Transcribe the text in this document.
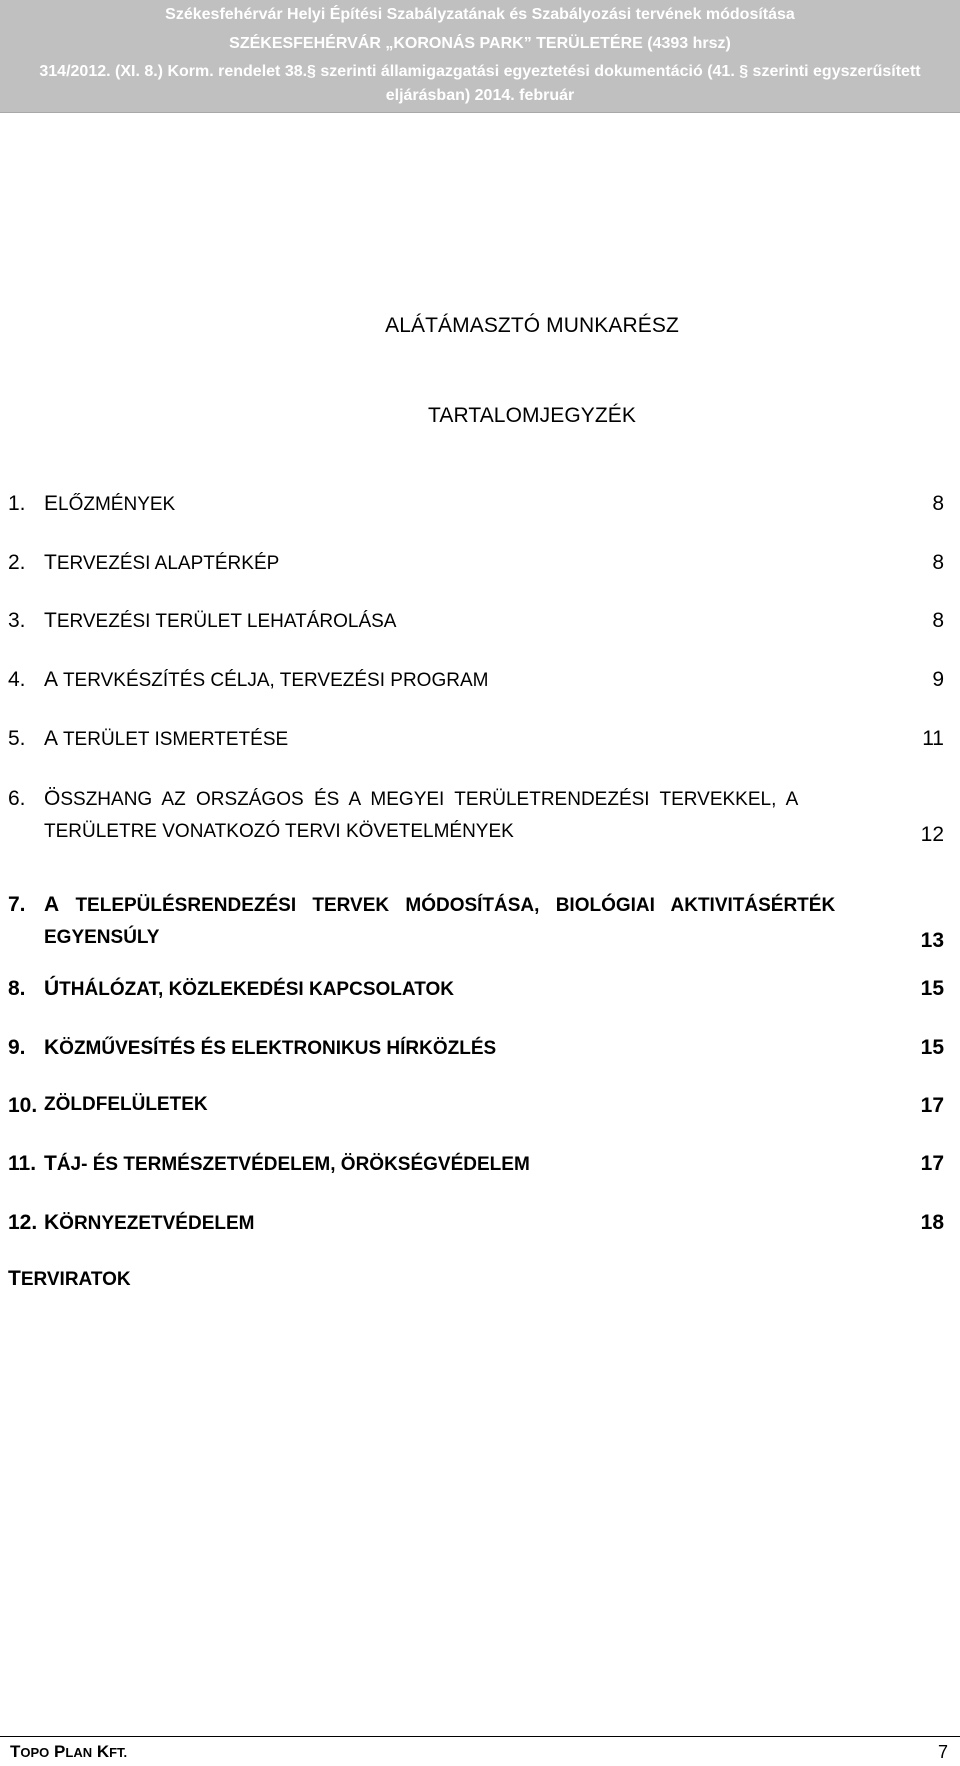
Székesfehérvár Helyi Építési Szabályzatának és Szabályozási tervének módosítása
SZÉKESFEHÉRVÁR „KORONÁS PARK” TERÜLETÉRE (4393 hrsz)
314/2012. (XI. 8.) Korm. rendelet 38.§ szerinti államigazgatási egyeztetési dokumentáció (41. § szerinti egyszerűsített
eljárásban) 2014. február
ALÁTÁMASZTÓ MUNKARÉSZ
TARTALOMJEGYZÉK
1. ELŐZMÉNYEK	8
2. TERVEZÉSI ALAPTÉRKÉP	8
3. TERVEZÉSI TERÜLET LEHATÁROLÁSA	8
4. A TERVKÉSZÍTÉS CÉLJA, TERVEZÉSI PROGRAM	9
5. A TERÜLET ISMERTETÉSE	11
6. ÖSSZHANG AZ ORSZÁGOS ÉS A MEGYEI TERÜLETRENDEZÉSI TERVEKKEL, A
TERÜLETRE VONATKOZÓ TERVI KÖVETELMÉNYEK	12
7. A TELEPÜLÉSRENDEZÉSI TERVEK MÓDOSÍTÁSA, BIOLÓGIAI AKTIVITÁSÉRTÉK
EGYENSÚLY	13
8. ÚTHÁLÓZAT, KÖZLEKEDÉSI KAPCSOLATOK	15
9. KÖZMŰVESÍTÉS ÉS ELEKTRONIKUS HÍRKÖZLÉS	15
10. ZÖLDFELÜLETEK	17
11. TÁJ- ÉS TERMÉSZETVÉDELEM, ÖRÖKSÉGVÉDELEM	17
12. KÖRNYEZETVÉDELEM	18
TERVIRATOK
TOPO PLAN KFT.	7
